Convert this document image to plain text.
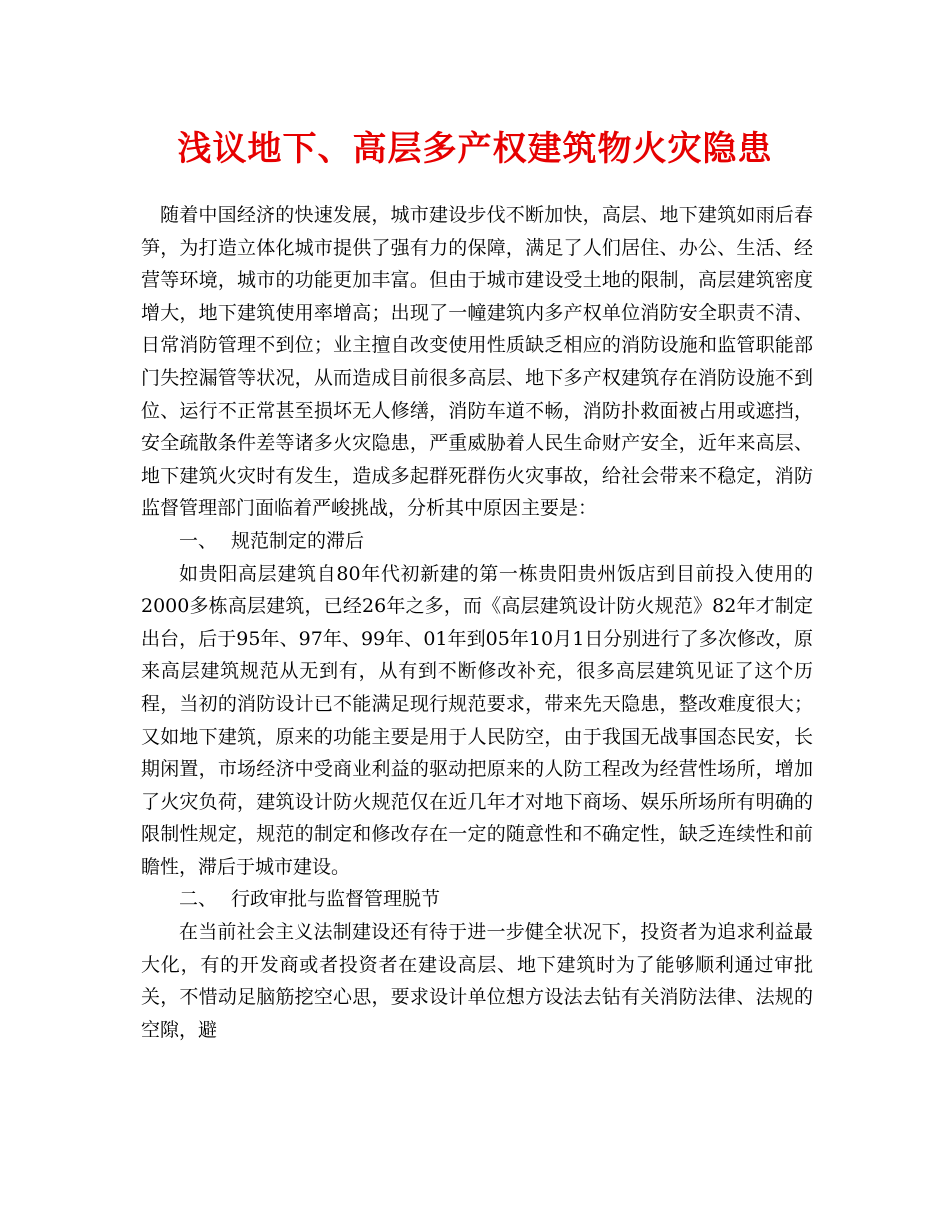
浅议地下、高层多产权建筑物火灾隐患

随着中国经济的快速发展，城市建设步伐不断加快，高层、地下建筑如雨后春笋，为打造立体化城市提供了强有力的保障，满足了人们居住、办公、生活、经营等环境，城市的功能更加丰富。但由于城市建设受土地的限制，高层建筑密度增大，地下建筑使用率增高；出现了一幢建筑内多产权单位消防安全职责不清、日常消防管理不到位；业主擅自改变使用性质缺乏相应的消防设施和监管职能部门失控漏管等状况，从而造成目前很多高层、地下多产权建筑存在消防设施不到位、运行不正常甚至损坏无人修缮，消防车道不畅，消防扑救面被占用或遮挡，安全疏散条件差等诸多火灾隐患，严重威胁着人民生命财产安全，近年来高层、地下建筑火灾时有发生，造成多起群死群伤火灾事故，给社会带来不稳定，消防监督管理部门面临着严峻挑战，分析其中原因主要是：

一、 规范制定的滞后

如贵阳高层建筑自80年代初新建的第一栋贵阳贵州饭店到目前投入使用的2000多栋高层建筑，已经26年之多，而《高层建筑设计防火规范》82年才制定出台，后于95年、97年、99年、01年到05年10月1日分别进行了多次修改，原来高层建筑规范从无到有，从有到不断修改补充，很多高层建筑见证了这个历程，当初的消防设计已不能满足现行规范要求，带来先天隐患，整改难度很大；又如地下建筑，原来的功能主要是用于人民防空，由于我国无战事国态民安，长期闲置，市场经济中受商业利益的驱动把原来的人防工程改为经营性场所，增加了火灾负荷，建筑设计防火规范仅在近几年才对地下商场、娱乐所场所有明确的限制性规定，规范的制定和修改存在一定的随意性和不确定性，缺乏连续性和前瞻性，滞后于城市建设。

二、 行政审批与监督管理脱节

在当前社会主义法制建设还有待于进一步健全状况下，投资者为追求利益最大化，有的开发商或者投资者在建设高层、地下建筑时为了能够顺利通过审批关，不惜动足脑筋挖空心思，要求设计单位想方设法去钻有关消防法律、法规的空隙，避
